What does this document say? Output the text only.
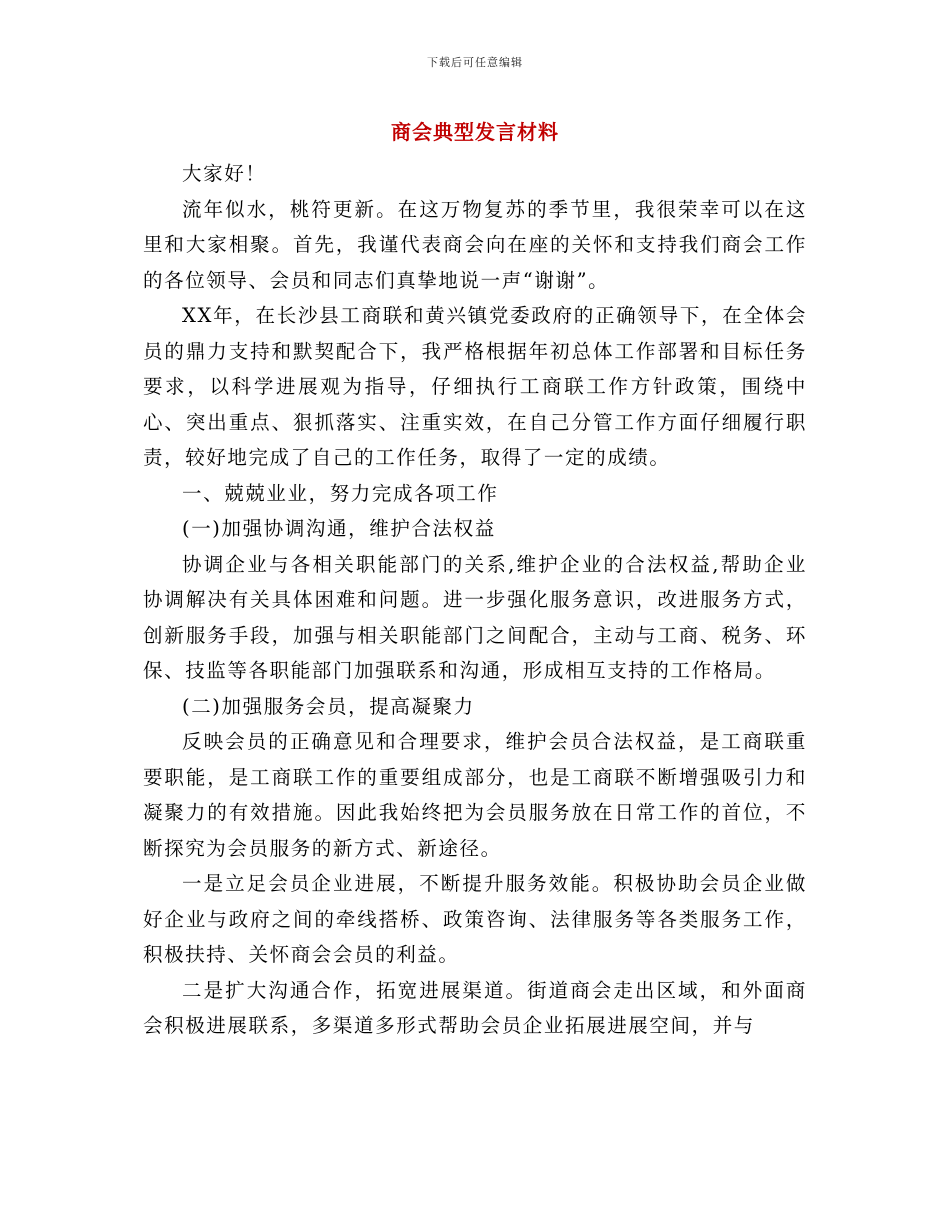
下载后可任意编辑
商会典型发言材料

大家好！

流年似水，桃符更新。在这万物复苏的季节里，我很荣幸可以在这里和大家相聚。首先，我谨代表商会向在座的关怀和支持我们商会工作的各位领导、会员和同志们真挚地说一声“谢谢”。

XX年，在长沙县工商联和黄兴镇党委政府的正确领导下，在全体会员的鼎力支持和默契配合下，我严格根据年初总体工作部署和目标任务要求，以科学进展观为指导，仔细执行工商联工作方针政策，围绕中心、突出重点、狠抓落实、注重实效，在自己分管工作方面仔细履行职责，较好地完成了自己的工作任务，取得了一定的成绩。

一、兢兢业业，努力完成各项工作

(一)加强协调沟通，维护合法权益

协调企业与各相关职能部门的关系,维护企业的合法权益,帮助企业协调解决有关具体困难和问题。进一步强化服务意识，改进服务方式，创新服务手段，加强与相关职能部门之间配合，主动与工商、税务、环保、技监等各职能部门加强联系和沟通，形成相互支持的工作格局。

(二)加强服务会员，提高凝聚力

反映会员的正确意见和合理要求，维护会员合法权益，是工商联重要职能，是工商联工作的重要组成部分，也是工商联不断增强吸引力和凝聚力的有效措施。因此我始终把为会员服务放在日常工作的首位，不断探究为会员服务的新方式、新途径。

一是立足会员企业进展，不断提升服务效能。积极协助会员企业做好企业与政府之间的牵线搭桥、政策咨询、法律服务等各类服务工作，积极扶持、关怀商会会员的利益。

二是扩大沟通合作，拓宽进展渠道。街道商会走出区域，和外面商会积极进展联系，多渠道多形式帮助会员企业拓展进展空间，并与
